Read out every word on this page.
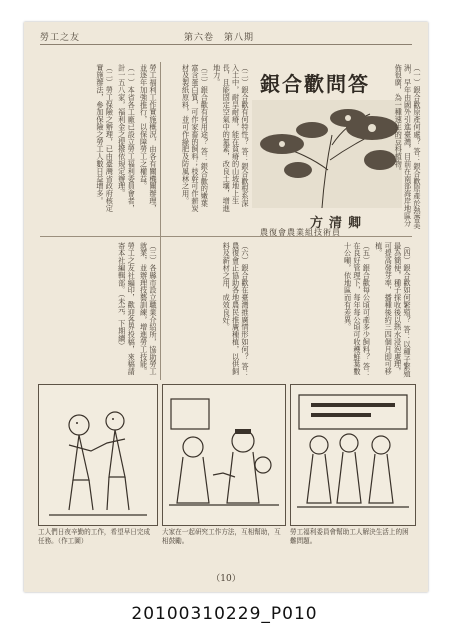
勞工之友	第六卷　第八期
銀合歡問答
方清卿
農復會農業組技術員

（一）銀合歡原產何處？ 答：銀合歡原產於熱帶美洲，早年由國外引進臺灣，目前在南部海岸地區分佈很廣，為一種速生的豆科植物。

（二）銀合歡有何特性？ 答：銀合歡根系深入土中，耐旱耐瘠，能在貧瘠的山坡地上生長，且能固定空氣中的氮素，改良土壤，增進地力。

（三）銀合歡有何用途？ 答：銀合歡的嫩葉富含蛋白質，可作家畜的飼料；枝幹可作薪炭材及製紙原料，並可作綠肥及防風林之用。

勞工福利工作實施概況，由各有關機關辦理，並逐年加強推行，以保障勞工之權益。

（一）本省各工廠已設立勞工福利委員會者，計一五八家，福利金之提撥依規定辦理。

（二）勞工保險之辦理，已由臺灣省政府核定實施辦法，參加保險之勞工人數日益增多。

（四）銀合歡如何繁殖？ 答：以種子繁殖最為簡便，種子採收後以熱水浸泡處理，可提高發芽率，播種後約三四個月即可移植。

（五）銀合歡每公頃可產多少飼料？ 答：在良好管理下，每年每公頃可收穫鮮葉數十公噸，依地區而有差異。

（六）銀合歡在臺灣推廣情形如何？ 答：農復會正協助各地農民推廣種植，以供飼料及薪材之用，成效良好。

（三）各縣市設立職業介紹所，協助勞工就業，並辦理技藝訓練，增進勞工技能。

勞工之友社編印，歡迎各界投稿，來稿請寄本社編輯部。（未完，下期續）

工人們日夜辛勤的工作，希望早日完成任務。（作工圖）
大家在一起研究工作方法，互相幫助，互相鼓勵。
勞工福利委員會幫助工人解決生活上的困難問題。
（10）
20100310229_P010
